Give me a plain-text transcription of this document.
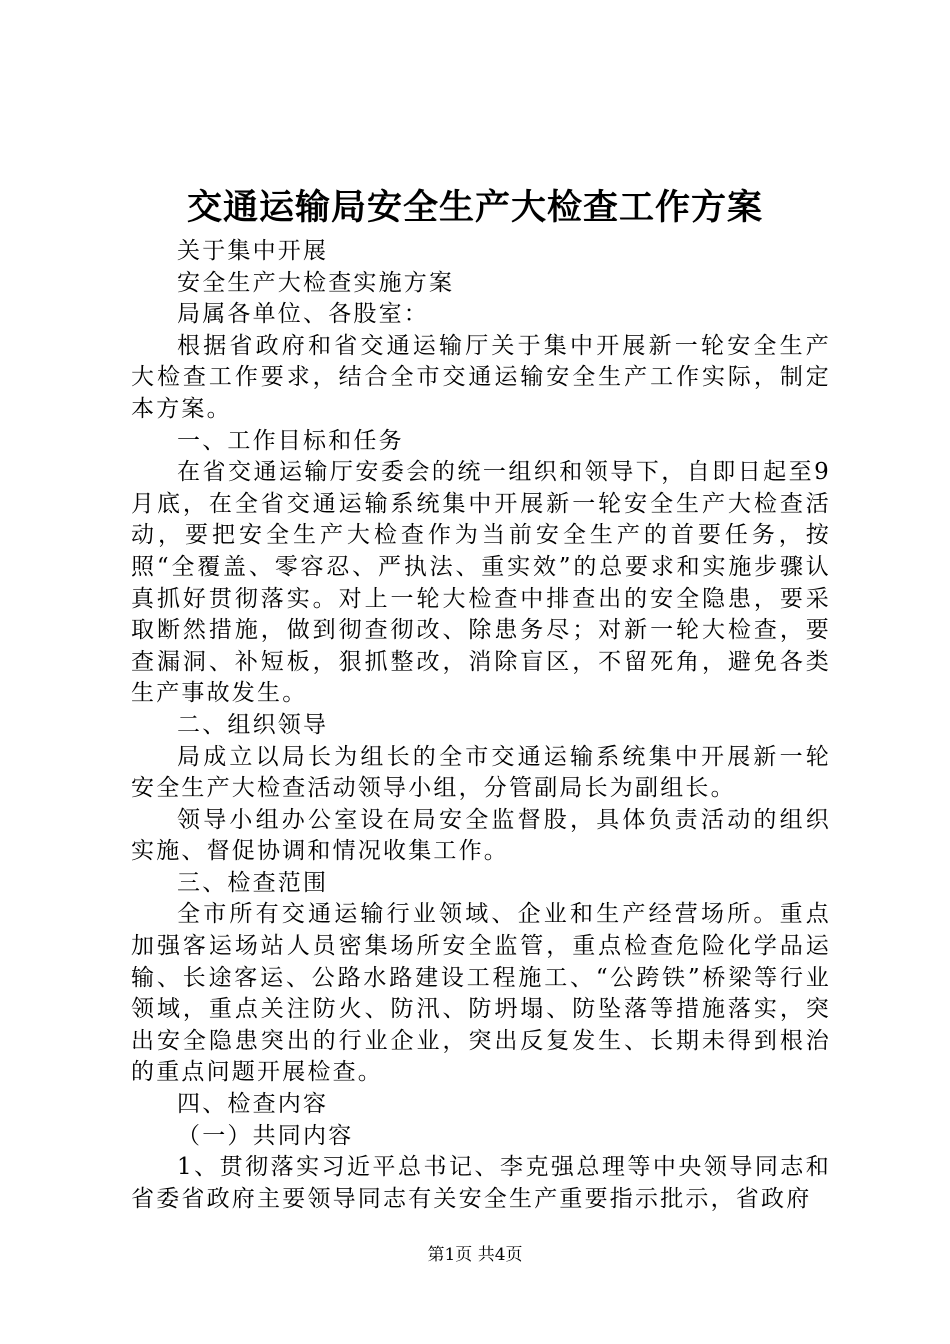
交通运输局安全生产大检查工作方案

关于集中开展

安全生产大检查实施方案

局属各单位、各股室：

根据省政府和省交通运输厅关于集中开展新一轮安全生产大检查工作要求，结合全市交通运输安全生产工作实际，制定本方案。

一、工作目标和任务

在省交通运输厅安委会的统一组织和领导下，自即日起至9月底，在全省交通运输系统集中开展新一轮安全生产大检查活动，要把安全生产大检查作为当前安全生产的首要任务，按照“全覆盖、零容忍、严执法、重实效”的总要求和实施步骤认真抓好贯彻落实。对上一轮大检查中排查出的安全隐患，要采取断然措施，做到彻查彻改、除患务尽；对新一轮大检查，要查漏洞、补短板，狠抓整改，消除盲区，不留死角，避免各类生产事故发生。

二、组织领导

局成立以局长为组长的全市交通运输系统集中开展新一轮安全生产大检查活动领导小组，分管副局长为副组长。

领导小组办公室设在局安全监督股，具体负责活动的组织实施、督促协调和情况收集工作。

三、检查范围

全市所有交通运输行业领域、企业和生产经营场所。重点加强客运场站人员密集场所安全监管，重点检查危险化学品运输、长途客运、公路水路建设工程施工、“公跨铁”桥梁等行业领域，重点关注防火、防汛、防坍塌、防坠落等措施落实，突出安全隐患突出的行业企业，突出反复发生、长期未得到根治的重点问题开展检查。

四、检查内容

（一）共同内容

1、贯彻落实习近平总书记、李克强总理等中央领导同志和省委省政府主要领导同志有关安全生产重要指示批示，省政府

第1页 共4页
